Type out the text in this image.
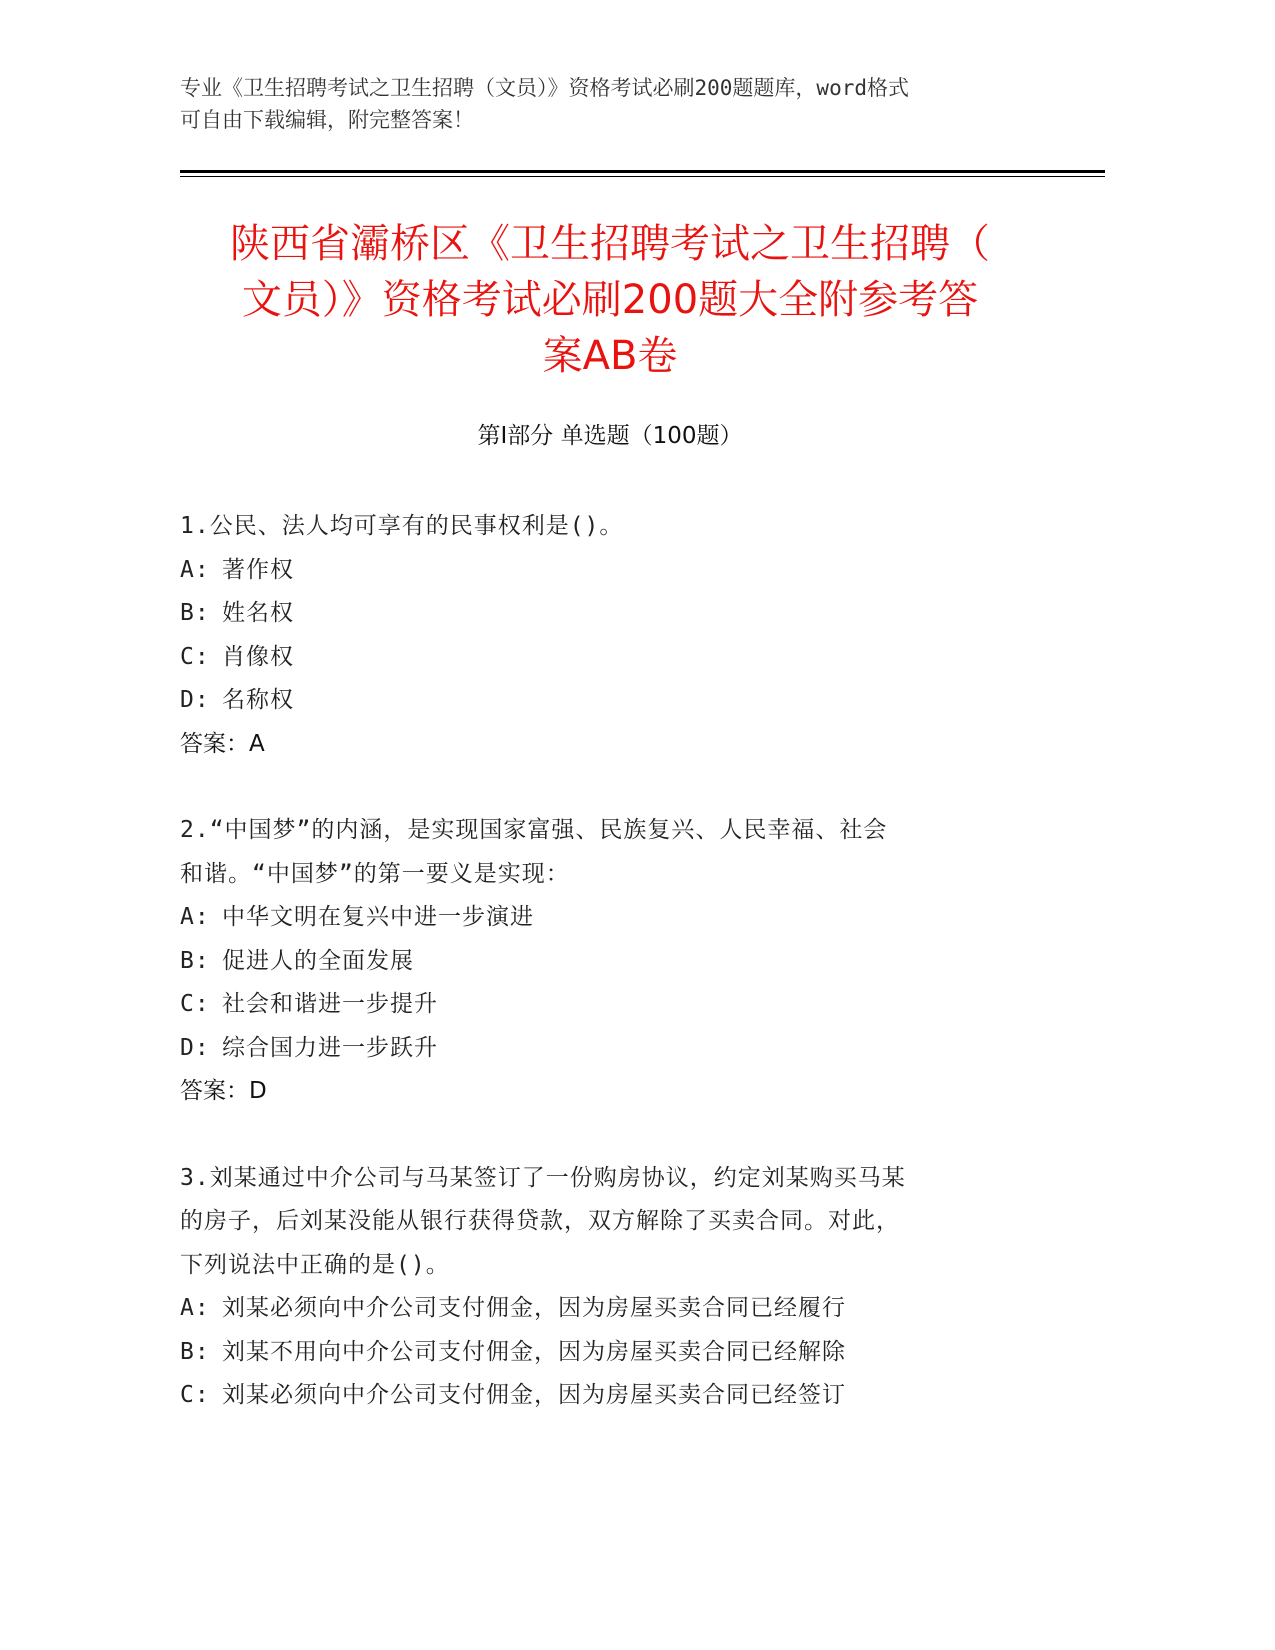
专业《卫生招聘考试之卫生招聘（文员）》资格考试必刷200题题库，word格式
可自由下载编辑，附完整答案！
陕西省灞桥区《卫生招聘考试之卫生招聘（
文员）》资格考试必刷200题大全附参考答
案AB卷
第Ⅰ部分 单选题（100题）
1.公民、法人均可享有的民事权利是()。
A: 著作权
B: 姓名权
C: 肖像权
D: 名称权
答案：A
2.“中国梦”的内涵，是实现国家富强、民族复兴、人民幸福、社会
和谐。“中国梦”的第一要义是实现：
A: 中华文明在复兴中进一步演进
B: 促进人的全面发展
C: 社会和谐进一步提升
D: 综合国力进一步跃升
答案：D
3.刘某通过中介公司与马某签订了一份购房协议，约定刘某购买马某
的房子，后刘某没能从银行获得贷款，双方解除了买卖合同。对此，
下列说法中正确的是()。
A: 刘某必须向中介公司支付佣金，因为房屋买卖合同已经履行
B: 刘某不用向中介公司支付佣金，因为房屋买卖合同已经解除
C: 刘某必须向中介公司支付佣金，因为房屋买卖合同已经签订
